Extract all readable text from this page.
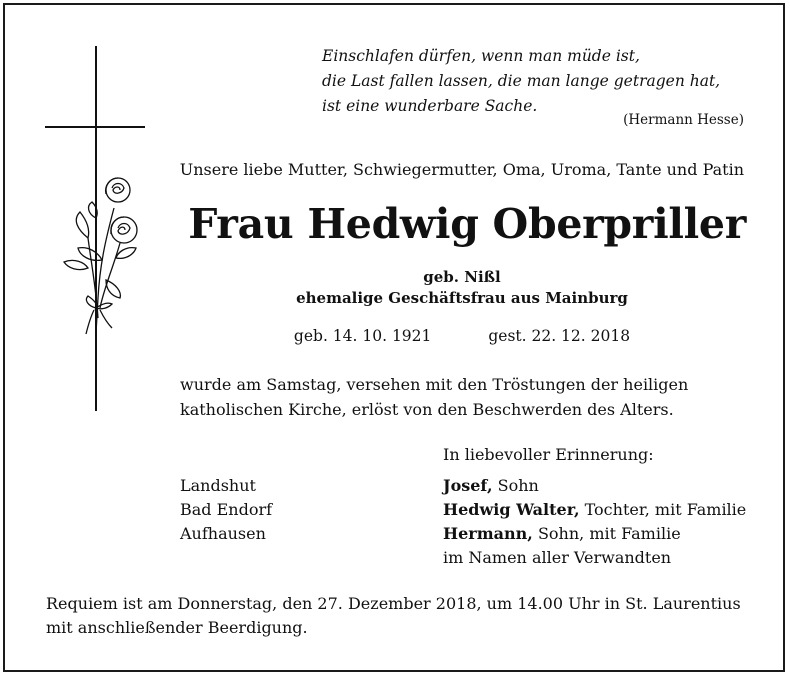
Einschlafen dürfen, wenn man müde ist,
die Last fallen lassen, die man lange getragen hat,
ist eine wunderbare Sache.
(Hermann Hesse)
Unsere liebe Mutter, Schwiegermutter, Oma, Uroma, Tante und Patin
Frau Hedwig Oberpriller
geb. Nißl
ehemalige Geschäftsfrau aus Mainburg
geb. 14. 10. 1921	gest. 22. 12. 2018
wurde am Samstag, versehen mit den Tröstungen der heiligen
katholischen Kirche, erlöst von den Beschwerden des Alters.
In liebevoller Erinnerung:
Landshut
Bad Endorf
Aufhausen
Josef, Sohn
Hedwig Walter, Tochter, mit Familie
Hermann, Sohn, mit Familie
im Namen aller Verwandten
Requiem ist am Donnerstag, den 27. Dezember 2018, um 14.00 Uhr in St. Laurentius
mit anschließender Beerdigung.
